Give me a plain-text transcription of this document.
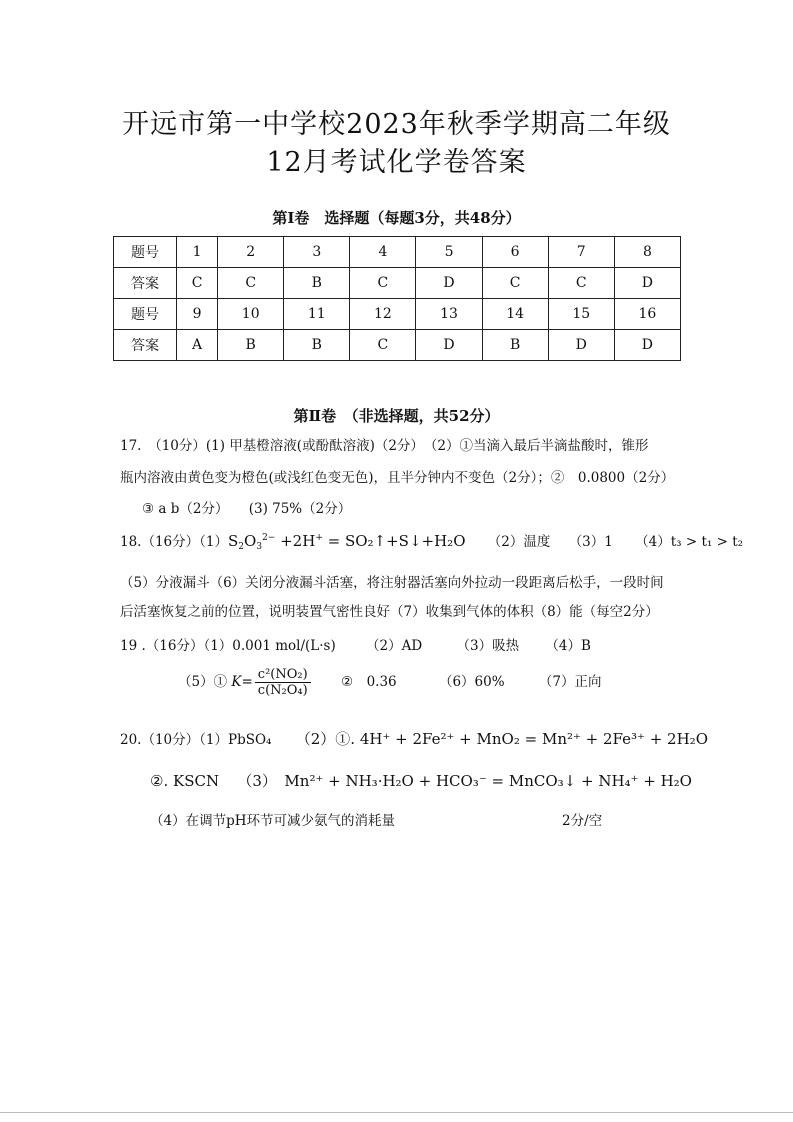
开远市第一中学校2023年秋季学期高二年级
12月考试化学卷答案
第Ⅰ卷　选择题（每题3分，共48分）
题号	1	2	3	4	5	6	7	8
答案	C	C	B	C	D	C	C	D
题号	9	10	11	12	13	14	15	16
答案	A	B	B	C	D	B	D	D
第Ⅱ卷　（非选择题，共52分）
17.　（10分）(1) 甲基橙溶液(或酚酞溶液)（2分）　（2）①当滴入最后半滴盐酸时，锥形
瓶内溶液由黄色变为橙色(或浅红色变无色)，且半分钟内不变色（2分）；②　0.0800（2分）
③ a b（2分）　　(3) 75%（2分）
18.（16分）$(1)S_2O_3^{2-} +2H^+$ = SO₂↑+S↓+H₂O （2）温度 （3）1 （4）t₃ > t₁ > t₂
（5）分液漏斗（6）关闭分液漏斗活塞，将注射器活塞向外拉动一段距离后松手，一段时间
后活塞恢复之前的位置，说明装置气密性良好（7）收集到气体的体积（8）能（每空2分）
19 .（16分）（1）0.001 mol/(L·s) （2）AD	（3）吸热 （4）B
（5）① $K= \frac{\text{c²(NO₂)}}{\text{c(N₂O₄)}}$ ②　0.36	（6）60%	（7）正向
20.（10分）（1）PbSO₄ （2）①. 4H⁺ + 2Fe²⁺ + MnO₂ = Mn²⁺ + 2Fe³⁺ + 2H₂O
②. KSCN （3）　Mn²⁺ + NH₃·H₂O + HCO₃⁻ = MnCO₃↓ + NH₄⁺ + H₂O
（4）在调节pH环节可减少氨气的消耗量	2分/空
